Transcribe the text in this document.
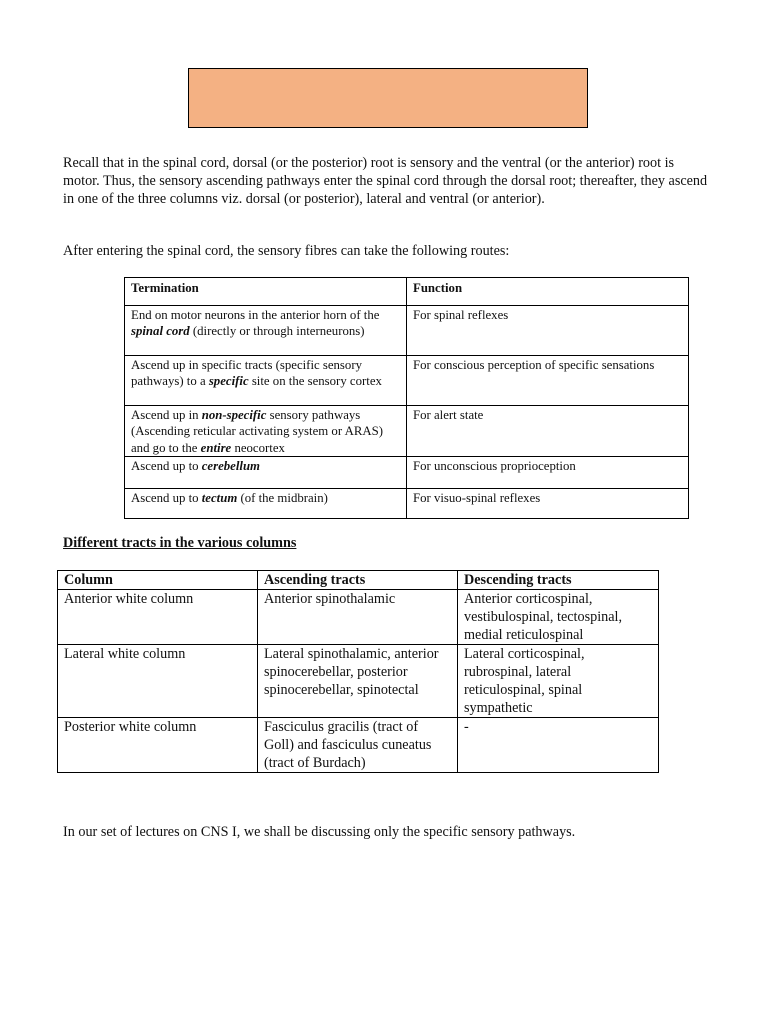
Recall that in the spinal cord, dorsal (or the posterior) root is sensory and the ventral (or the anterior) root is motor. Thus, the sensory ascending pathways enter the spinal cord through the dorsal root; thereafter, they ascend in one of the three columns viz. dorsal (or posterior), lateral and ventral (or anterior).

After entering the spinal cord, the sensory fibres can take the following routes:

Termination	Function
End on motor neurons in the anterior horn of the spinal cord (directly or through interneurons)	For spinal reflexes
Ascend up in specific tracts (specific sensory pathways) to a specific site on the sensory cortex	For conscious perception of specific sensations
Ascend up in non-specific sensory pathways (Ascending reticular activating system or ARAS) and go to the entire neocortex	For alert state
Ascend up to cerebellum	For unconscious proprioception
Ascend up to tectum (of the midbrain)	For visuo-spinal reflexes

Different tracts in the various columns

Column	Ascending tracts	Descending tracts
Anterior white column	Anterior spinothalamic	Anterior corticospinal, vestibulospinal, tectospinal, medial reticulospinal
Lateral white column	Lateral spinothalamic, anterior spinocerebellar, posterior spinocerebellar, spinotectal	Lateral corticospinal, rubrospinal, lateral reticulospinal, spinal sympathetic
Posterior white column	Fasciculus gracilis (tract of Goll) and fasciculus cuneatus (tract of Burdach)	-

In our set of lectures on CNS I, we shall be discussing only the specific sensory pathways.
